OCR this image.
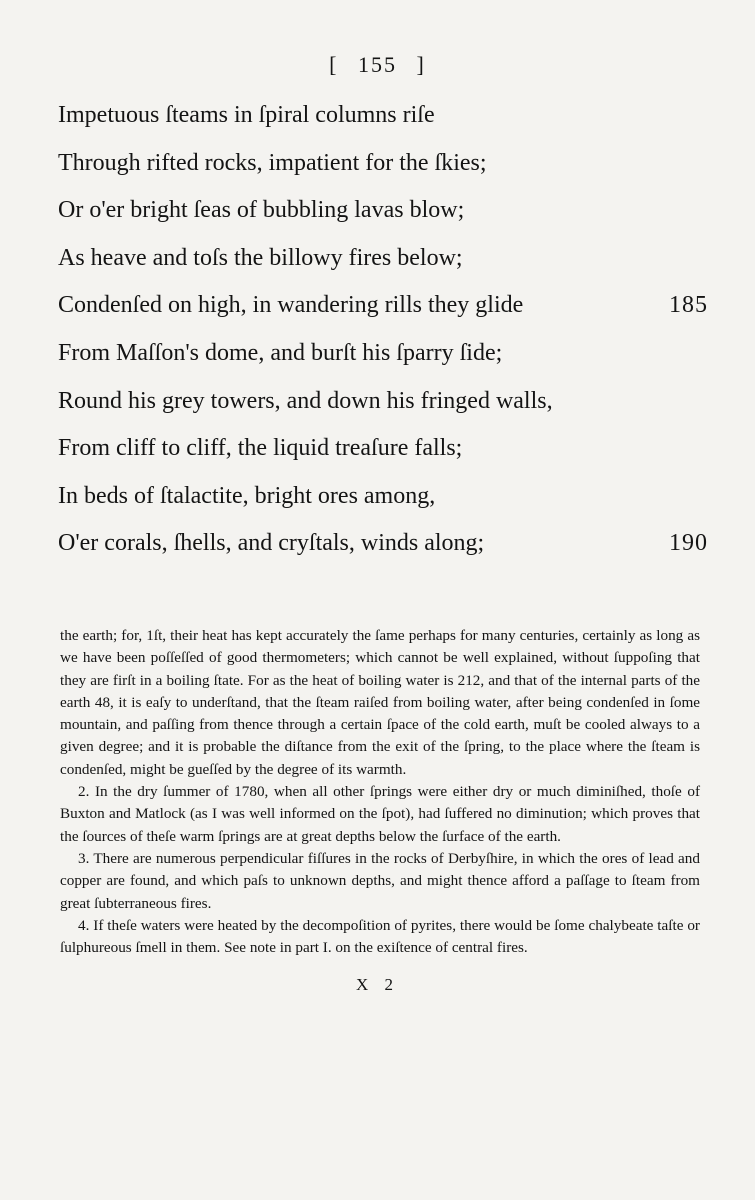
[ 155 ]
Impetuous ſteams in ſpiral columns riſe
Through rifted rocks, impatient for the ſkies;
Or o'er bright ſeas of bubbling lavas blow;
As heave and toſs the billowy fires below;
Condenſed on high, in wandering rills they glide	185
From Maſſon's dome, and burſt his ſparry ſide;
Round his grey towers, and down his fringed walls,
From cliff to cliff, the liquid treaſure falls;
In beds of ſtalactite, bright ores among,
O'er corals, ſhells, and cryſtals, winds along;	190

the earth; for, 1ſt, their heat has kept accurately the ſame perhaps for many centuries, certainly as long as we have been poſſeſſed of good thermometers; which cannot be well explained, without ſuppoſing that they are firſt in a boiling ſtate. For as the heat of boiling water is 212, and that of the internal parts of the earth 48, it is eaſy to underſtand, that the ſteam raiſed from boiling water, after being condenſed in ſome mountain, and paſſing from thence through a certain ſpace of the cold earth, muſt be cooled always to a given degree; and it is probable the diſtance from the exit of the ſpring, to the place where the ſteam is condenſed, might be gueſſed by the degree of its warmth.

2. In the dry ſummer of 1780, when all other ſprings were either dry or much diminiſhed, thoſe of Buxton and Matlock (as I was well informed on the ſpot), had ſuffered no diminution; which proves that the ſources of theſe warm ſprings are at great depths below the ſurface of the earth.

3. There are numerous perpendicular fiſſures in the rocks of Derbyſhire, in which the ores of lead and copper are found, and which paſs to unknown depths, and might thence afford a paſſage to ſteam from great ſubterraneous fires.

4. If theſe waters were heated by the decompoſition of pyrites, there would be ſome chalybeate taſte or ſulphureous ſmell in them. See note in part I. on the exiſtence of central fires.

X 2
